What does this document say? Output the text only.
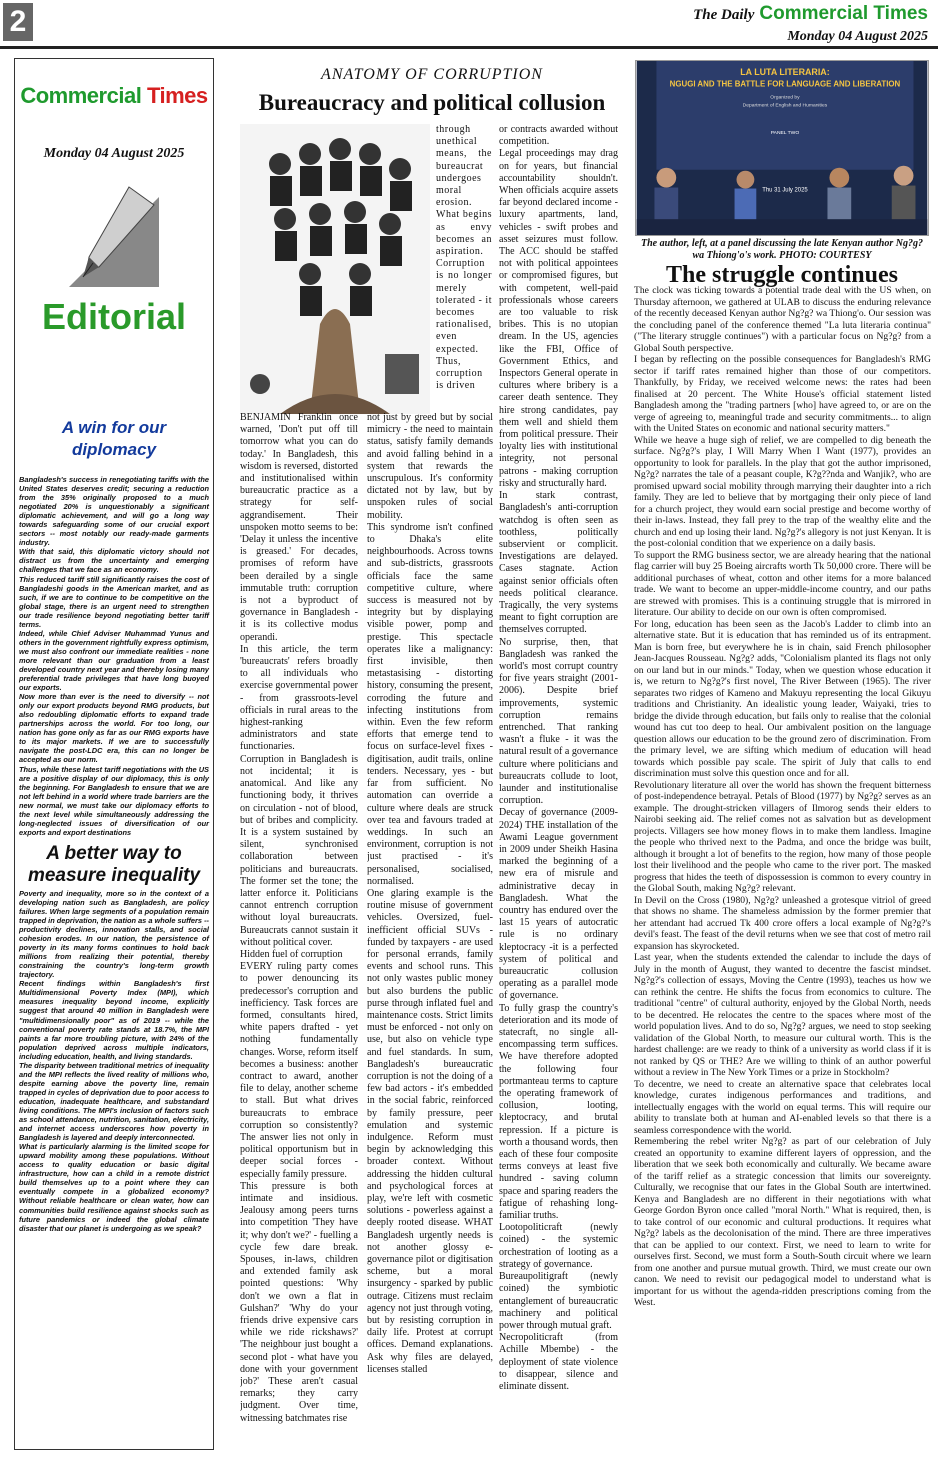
2	The Daily Commercial Times
Monday 04 August 2025
Commercial Times
Monday 04 August 2025
Editorial
A win for our diplomacy

Bangladesh's success in renegotiating tariffs with the United States deserves credit; securing a reduction from the 35% originally proposed to a much negotiated 20% is unquestionably a significant diplomatic achievement, and will go a long way towards safeguarding some of our crucial export sectors -- most notably our ready-made garments industry.

With that said, this diplomatic victory should not distract us from the uncertainty and emerging challenges that we face as an economy.

This reduced tariff still significantly raises the cost of Bangladeshi goods in the American market, and as such, if we are to continue to be competitive on the global stage, there is an urgent need to strengthen our trade resilience beyond negotiating better tariff terms.

Indeed, while Chief Adviser Muhammad Yunus and others in the government rightfully express optimism, we must also confront our immediate realities - none more relevant than our graduation from a least developed country next year and thereby losing many preferential trade privileges that have long buoyed our exports.

Now more than ever is the need to diversify -- not only our export products beyond RMG products, but also redoubling diplomatic efforts to expand trade partnerships across the world. For too long, our nation has gone only as far as our RMG exports have to its major markets. If we are to successfully navigate the post-LDC era, this can no longer be accepted as our norm.

Thus, while these latest tariff negotiations with the US are a positive display of our diplomacy, this is only the beginning. For Bangladesh to ensure that we are not left behind in a world where trade barriers are the new normal, we must take our diplomacy efforts to the next level while simultaneously addressing the long-neglected issues of diversification of our exports and export destinations

A better way to measure inequality

Poverty and inequality, more so in the context of a developing nation such as Bangladesh, are policy failures. When large segments of a population remain trapped in deprivation, the nation as a whole suffers -- productivity declines, innovation stalls, and social cohesion erodes. In our nation, the persistence of poverty in its many forms continues to hold back millions from realizing their potential, thereby constraining the country's long-term growth trajectory.

Recent findings within Bangladesh's first Multidimensional Poverty Index (MPI), which measures inequality beyond income, explicitly suggest that around 40 million in Bangladesh were "multidimensionally poor" as of 2019 -- while the conventional poverty rate stands at 18.7%, the MPI paints a far more troubling picture, with 24% of the population deprived across multiple indicators, including education, health, and living standards.

The disparity between traditional metrics of inequality and the MPI reflects the lived reality of millions who, despite earning above the poverty line, remain trapped in cycles of deprivation due to poor access to education, inadequate healthcare, and substandard living conditions. The MPI's inclusion of factors such as school attendance, nutrition, sanitation, electricity, and internet access underscores how poverty in Bangladesh is layered and deeply interconnected.

What is particularly alarming is the limited scope for upward mobility among these populations. Without access to quality education or basic digital infrastructure, how can a child in a remote district build themselves up to a point where they can eventually compete in a globalized economy? Without reliable healthcare or clean water, how can communities build resilience against shocks such as future pandemics or indeed the global climate disaster that our planet is undergoing as we speak?

ANATOMY OF CORRUPTION
Bureaucracy and political collusion
through unethical means, the bureaucrat undergoes moral erosion. What begins as envy becomes an aspiration. Corruption is no longer merely tolerated - it becomes rationalised, even expected. Thus, corruption is driven

BENJAMIN Franklin once warned, 'Don't put off till tomorrow what you can do today.' In Bangladesh, this wisdom is reversed, distorted and institutionalised within bureaucratic practice as a strategy for self-aggrandisement. Their unspoken motto seems to be: 'Delay it unless the incentive is greased.' For decades, promises of reform have been derailed by a single immutable truth: corruption is not a byproduct of governance in Bangladesh - it is its collective modus operandi.

In this article, the term 'bureaucrats' refers broadly to all individuals who exercise governmental power - from grassroots-level officials in rural areas to the highest-ranking administrators and state functionaries.

Corruption in Bangladesh is not incidental; it is anatomical. And like any functioning body, it thrives on circulation - not of blood, but of bribes and complicity. It is a system sustained by silent, synchronised collaboration between politicians and bureaucrats. The former set the tone; the latter enforce it. Politicians cannot entrench corruption without loyal bureaucrats. Bureaucrats cannot sustain it without political cover.

Hidden fuel of corruption

EVERY ruling party comes to power denouncing its predecessor's corruption and inefficiency. Task forces are formed, consultants hired, white papers drafted - yet nothing fundamentally changes. Worse, reform itself becomes a business: another contract to award, another file to delay, another scheme to stall. But what drives bureaucrats to embrace corruption so consistently? The answer lies not only in political opportunism but in deeper social forces - especially family pressure.

This pressure is both intimate and insidious. Jealousy among peers turns into competition 'They have it; why don't we?' - fuelling a cycle few dare break. Spouses, in-laws, children and extended family ask pointed questions: 'Why don't we own a flat in Gulshan?' 'Why do your friends drive expensive cars while we ride rickshaws?' 'The neighbour just bought a second plot - what have you done with your government job?' These aren't casual remarks; they carry judgment. Over time, witnessing batchmates rise

not just by greed but by social mimicry - the need to maintain status, satisfy family demands and avoid falling behind in a system that rewards the unscrupulous. It's conformity dictated not by law, but by unspoken rules of social mobility.

This syndrome isn't confined to Dhaka's elite neighbourhoods. Across towns and sub-districts, grassroots officials face the same competitive culture, where success is measured not by integrity but by displaying visible power, pomp and prestige. This spectacle operates like a malignancy: first invisible, then metastasising - distorting history, consuming the present, corroding the future and infecting institutions from within. Even the few reform efforts that emerge tend to focus on surface-level fixes - digitisation, audit trails, online tenders. Necessary, yes - but far from sufficient. No automation can override a culture where deals are struck over tea and favours traded at weddings. In such an environment, corruption is not just practised - it's personalised, socialised, normalised.

One glaring example is the routine misuse of government vehicles. Oversized, fuel-inefficient official SUVs - funded by taxpayers - are used for personal errands, family events and school runs. This not only wastes public money but also burdens the public purse through inflated fuel and maintenance costs. Strict limits must be enforced - not only on use, but also on vehicle type and fuel standards. In sum, Bangladesh's bureaucratic corruption is not the doing of a few bad actors - it's embedded in the social fabric, reinforced by family pressure, peer emulation and systemic indulgence. Reform must begin by acknowledging this broader context. Without addressing the hidden cultural and psychological forces at play, we're left with cosmetic solutions - powerless against a deeply rooted disease. WHAT Bangladesh urgently needs is not another glossy e-governance pilot or digitisation scheme, but a moral insurgency - sparked by public outrage. Citizens must reclaim agency not just through voting, but by resisting corruption in daily life. Protest at corrupt offices. Demand explanations. Ask why files are delayed, licenses stalled

or contracts awarded without competition.

Legal proceedings may drag on for years, but financial accountability shouldn't. When officials acquire assets far beyond declared income - luxury apartments, land, vehicles - swift probes and asset seizures must follow. The ACC should be staffed not with political appointees or compromised figures, but with competent, well-paid professionals whose careers are too valuable to risk bribes. This is no utopian dream. In the US, agencies like the FBI, Office of Government Ethics, and Inspectors General operate in cultures where bribery is a career death sentence. They hire strong candidates, pay them well and shield them from political pressure. Their loyalty lies with institutional integrity, not personal patrons - making corruption risky and structurally hard.

In stark contrast, Bangladesh's anti-corruption watchdog is often seen as toothless, politically subservient or complicit. Investigations are delayed. Cases stagnate. Action against senior officials often needs political clearance. Tragically, the very systems meant to fight corruption are themselves corrupted.

No surprise, then, that Bangladesh was ranked the world's most corrupt country for five years straight (2001-2006). Despite brief improvements, systemic corruption remains entrenched. That ranking wasn't a fluke - it was the natural result of a governance culture where politicians and bureaucrats collude to loot, launder and institutionalise corruption.

Decay of governance (2009-2024) THE installation of the Awami League government in 2009 under Sheikh Hasina marked the beginning of a new era of misrule and administrative decay in Bangladesh. What the country has endured over the last 15 years of autocratic rule is no ordinary kleptocracy -it is a perfected system of political and bureaucratic collusion operating as a parallel mode of governance.

To fully grasp the country's deterioration and its mode of statecraft, no single all-encompassing term suffices. We have therefore adopted the following four portmanteau terms to capture the operating framework of collusion, looting, kleptocracy, and brutal repression. If a picture is worth a thousand words, then each of these four composite terms conveys at least five hundred - saving column space and sparing readers the fatigue of rehashing long-familiar truths.

Lootopoliticraft (newly coined) - the systemic orchestration of looting as a strategy of governance.

Bureaupolitigraft (newly coined) the symbiotic entanglement of bureaucratic machinery and political power through mutual graft.

Necropoliticraft (from Achille Mbembe) - the deployment of state violence to disappear, silence and eliminate dissent.

LA LUTA LITERARIA:
NGUGI AND THE BATTLE FOR LANGUAGE AND LIBERATION
Organized by
Department of English and Humanities
PANEL TWO
Thu 31 July 2025
The author, left, at a panel discussing the late Kenyan author Ng?g? wa Thiong'o's work. PHOTO: COURTESY
The struggle continues

The clock was ticking towards a potential trade deal with the US when, on Thursday afternoon, we gathered at ULAB to discuss the enduring relevance of the recently deceased Kenyan author Ng?g? wa Thiong'o. Our session was the concluding panel of the conference themed "La luta literaria continua" ("The literary struggle continues") with a particular focus on Ng?g? from a Global South perspective.

I began by reflecting on the possible consequences for Bangladesh's RMG sector if tariff rates remained higher than those of our competitors. Thankfully, by Friday, we received welcome news: the rates had been finalised at 20 percent. The White House's official statement listed Bangladesh among the "trading partners [who] have agreed to, or are on the verge of agreeing to, meaningful trade and security commitments... to align with the United States on economic and national security matters."

While we heave a huge sigh of relief, we are compelled to dig beneath the surface. Ng?g?'s play, I Will Marry When I Want (1977), provides an opportunity to look for parallels. In the play that got the author imprisoned, Ng?g? narrates the tale of a peasant couple, K?g??nda and Wanjik?, who are promised upward social mobility through marrying their daughter into a rich family. They are led to believe that by mortgaging their only piece of land for a church project, they would earn social prestige and become worthy of their in-laws. Instead, they fall prey to the trap of the wealthy elite and the church and end up losing their land. Ng?g?'s allegory is not just Kenyan. It is the post-colonial condition that we experience on a daily basis.

To support the RMG business sector, we are already hearing that the national flag carrier will buy 25 Boeing aircrafts worth Tk 50,000 crore. There will be additional purchases of wheat, cotton and other items for a more balanced trade. We want to become an upper-middle-income country, and our paths are strewed with promises. This is a continuing struggle that is mirrored in literature. Our ability to decide on our own is often compromised.

For long, education has been seen as the Jacob's Ladder to climb into an alternative state. But it is education that has reminded us of its entrapment. Man is born free, but everywhere he is in chain, said French philosopher Jean-Jacques Rousseau. Ng?g? adds, "Colonialism planted its flags not only on our land but in our minds." Today, when we question whose education it is, we return to Ng?g?'s first novel, The River Between (1965). The river separates two ridges of Kameno and Makuyu representing the local Gikuyu traditions and Christianity. An idealistic young leader, Waiyaki, tries to bridge the divide through education, but fails only to realise that the colonial wound has cut too deep to heal. Our ambivalent position on the language question allows our education to be the ground zero of discrimination. From the primary level, we are sifting which medium of education will head towards which possible pay scale. The spirit of July that calls to end discrimination must solve this question once and for all.

Revolutionary literature all over the world has shown the frequent bitterness of post-independence betrayal. Petals of Blood (1977) by Ng?g? serves as an example. The drought-stricken villagers of Ilmorog sends their elders to Nairobi seeking aid. The relief comes not as salvation but as development projects. Villagers see how money flows in to make them landless. Imagine the people who thrived next to the Padma, and once the bridge was built, although it brought a lot of benefits to the region, how many of those people lost their livelihood and the people who came to the river port. The masked progress that hides the teeth of dispossession is common to every country in the Global South, making Ng?g? relevant.

In Devil on the Cross (1980), Ng?g? unleashed a grotesque vitriol of greed that shows no shame. The shameless admission by the former premier that her attendant had accrued Tk 400 crore offers a local example of Ng?g?'s devil's feast. The feast of the devil returns when we see that cost of metro rail expansion has skyrocketed.

Last year, when the students extended the calendar to include the days of July in the month of August, they wanted to decentre the fascist mindset. Ng?g?'s collection of essays, Moving the Centre (1993), teaches us how we can rethink the centre. He shifts the focus from economics to culture. The traditional "centre" of cultural authority, enjoyed by the Global North, needs to be decentred. He relocates the centre to the spaces where most of the world population lives. And to do so, Ng?g? argues, we need to stop seeking validation of the Global North, to measure our cultural worth. This is the hardest challenge: are we ready to think of a university as world class if it is not ranked by QS or THE? Are we willing to think of an author powerful without a review in The New York Times or a prize in Stockholm?

To decentre, we need to create an alternative space that celebrates local knowledge, curates indigenous performances and traditions, and intellectually engages with the world on equal terms. This will require our ability to translate both at human and AI-enabled levels so that there is a seamless correspondence with the world.

Remembering the rebel writer Ng?g? as part of our celebration of July created an opportunity to examine different layers of oppression, and the liberation that we seek both economically and culturally. We became aware of the tariff relief as a strategic concession that limits our sovereignty. Culturally, we recognise that our fates in the Global South are intertwined. Kenya and Bangladesh are no different in their negotiations with what George Gordon Byron once called "moral North." What is required, then, is to take control of our economic and cultural productions. It requires what Ng?g? labels as the decolonisation of the mind. There are three imperatives that can be applied to our context. First, we need to learn to write for ourselves first. Second, we must form a South-South circuit where we learn from one another and pursue mutual growth. Third, we must create our own canon. We need to revisit our pedagogical model to understand what is important for us without the agenda-ridden prescriptions coming from the West.
